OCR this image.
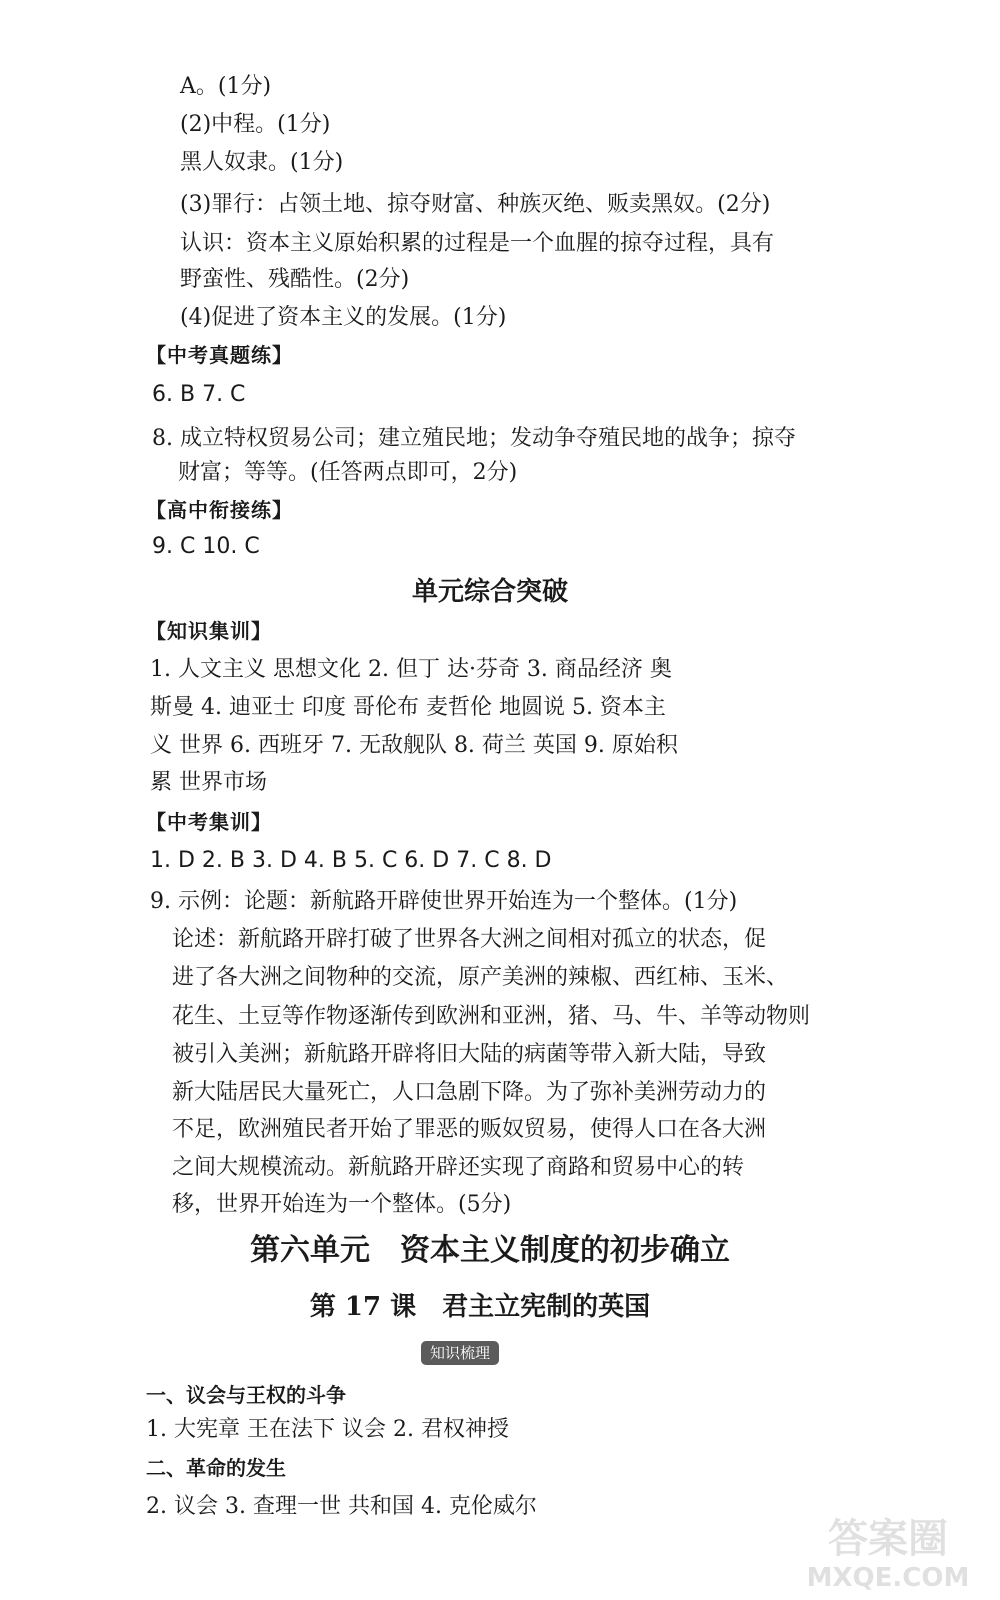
A。(1分)
(2)中程。(1分)
黑人奴隶。(1分)
(3)罪行：占领土地、掠夺财富、种族灭绝、贩卖黑奴。(2分)
认识：资本主义原始积累的过程是一个血腥的掠夺过程，具有
野蛮性、残酷性。(2分)
(4)促进了资本主义的发展。(1分)
【中考真题练】
6. B 7. C
8. 成立特权贸易公司；建立殖民地；发动争夺殖民地的战争；掠夺
财富；等等。(任答两点即可，2分)
【高中衔接练】
9. C 10. C
单元综合突破
【知识集训】
1. 人文主义 思想文化 2. 但丁 达·芬奇 3. 商品经济 奥
斯曼 4. 迪亚士 印度 哥伦布 麦哲伦 地圆说 5. 资本主
义 世界 6. 西班牙 7. 无敌舰队 8. 荷兰 英国 9. 原始积
累 世界市场
【中考集训】
1. D 2. B 3. D 4. B 5. C 6. D 7. C 8. D
9. 示例：论题：新航路开辟使世界开始连为一个整体。(1分)
论述：新航路开辟打破了世界各大洲之间相对孤立的状态，促
进了各大洲之间物种的交流，原产美洲的辣椒、西红柿、玉米、
花生、土豆等作物逐渐传到欧洲和亚洲，猪、马、牛、羊等动物则
被引入美洲；新航路开辟将旧大陆的病菌等带入新大陆，导致
新大陆居民大量死亡，人口急剧下降。为了弥补美洲劳动力的
不足，欧洲殖民者开始了罪恶的贩奴贸易，使得人口在各大洲
之间大规模流动。新航路开辟还实现了商路和贸易中心的转
移，世界开始连为一个整体。(5分)
第六单元　资本主义制度的初步确立
第 17 课　君主立宪制的英国
知识梳理
一、议会与王权的斗争
1. 大宪章 王在法下 议会 2. 君权神授
二、革命的发生
2. 议会 3. 查理一世 共和国 4. 克伦威尔
答案圈
MXQE.COM
